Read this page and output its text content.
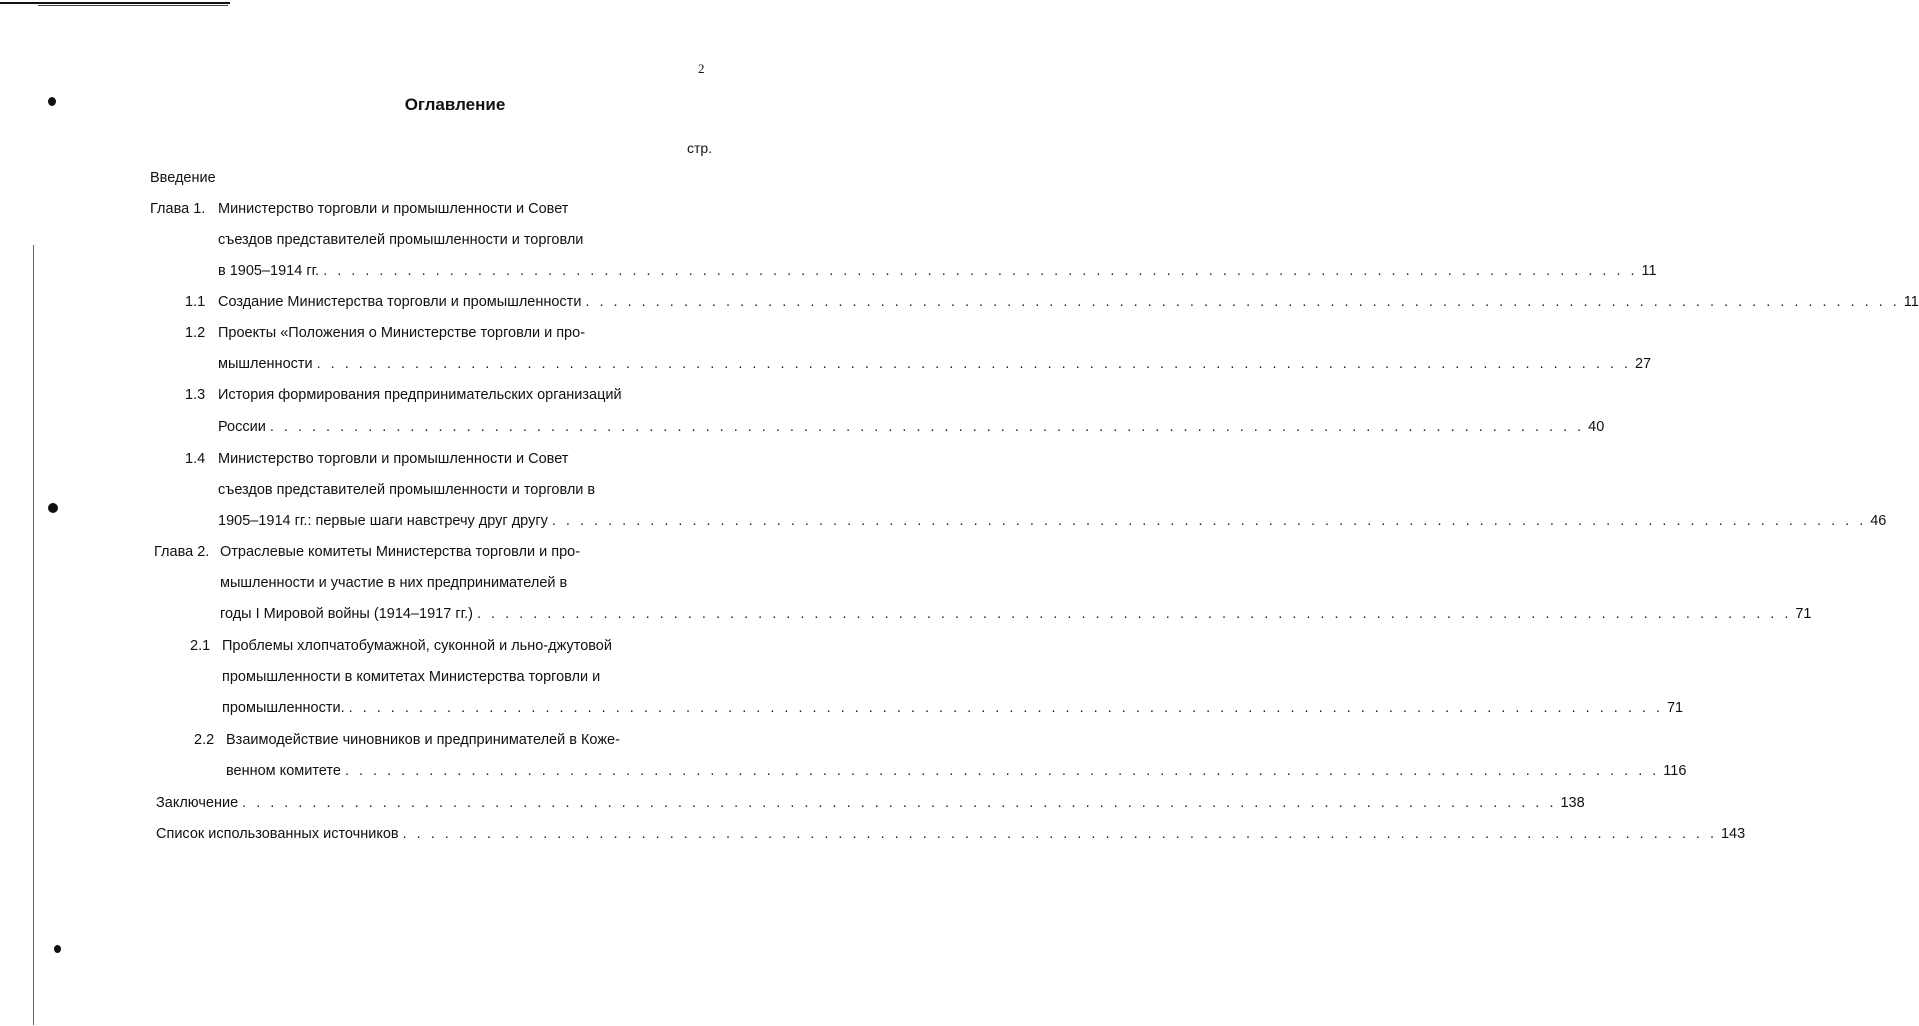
2
Оглавление
стр.
Введение
Глава 1. Министерство торговли и промышленности и Совет
съездов представителей промышленности и торговли
в 1905–1914 гг. . . . . . . . . . . . . . . . . . . . . . . . . . . . . . . . . . . . . . . . . . . . . . . . . . . . . . . . . . . . . . . . . . . . . . . . . . . . . . . . . . . . . . . . . . . . . . . 11
1.1 Создание Министерства торговли и промышленности . . . . . . . . . . . . . . . . . . . . . . . . . . . . . . . . . . . . . . . . . . . . . . . . . . . . . . . . . . . . . . . . . . . . . . . . . . . . . . . . . . . . . . . . . . . . . . 11
1.2 Проекты «Положения о Министерстве торговли и про-
мышленности . . . . . . . . . . . . . . . . . . . . . . . . . . . . . . . . . . . . . . . . . . . . . . . . . . . . . . . . . . . . . . . . . . . . . . . . . . . . . . . . . . . . . . . . . . . . . . 27
1.3 История формирования предпринимательских организаций
России . . . . . . . . . . . . . . . . . . . . . . . . . . . . . . . . . . . . . . . . . . . . . . . . . . . . . . . . . . . . . . . . . . . . . . . . . . . . . . . . . . . . . . . . . . . . . . 40
1.4 Министерство торговли и промышленности и Совет
съездов представителей промышленности и торговли в
1905–1914 гг.: первые шаги навстречу друг другу . . . . . . . . . . . . . . . . . . . . . . . . . . . . . . . . . . . . . . . . . . . . . . . . . . . . . . . . . . . . . . . . . . . . . . . . . . . . . . . . . . . . . . . . . . . . . . 46
Глава 2. Отраслевые комитеты Министерства торговли и про-
мышленности и участие в них предпринимателей в
годы I Мировой войны (1914–1917 гг.) . . . . . . . . . . . . . . . . . . . . . . . . . . . . . . . . . . . . . . . . . . . . . . . . . . . . . . . . . . . . . . . . . . . . . . . . . . . . . . . . . . . . . . . . . . . . . . 71
2.1 Проблемы хлопчатобумажной, суконной и льно-джутовой
промышленности в комитетах Министерства торговли и
промышленности. . . . . . . . . . . . . . . . . . . . . . . . . . . . . . . . . . . . . . . . . . . . . . . . . . . . . . . . . . . . . . . . . . . . . . . . . . . . . . . . . . . . . . . . . . . . . . . 71
2.2 Взаимодействие чиновников и предпринимателей в Коже-
венном комитете . . . . . . . . . . . . . . . . . . . . . . . . . . . . . . . . . . . . . . . . . . . . . . . . . . . . . . . . . . . . . . . . . . . . . . . . . . . . . . . . . . . . . . . . . . . . . . 116
Заключение . . . . . . . . . . . . . . . . . . . . . . . . . . . . . . . . . . . . . . . . . . . . . . . . . . . . . . . . . . . . . . . . . . . . . . . . . . . . . . . . . . . . . . . . . . . . . . 138
Список использованных источников . . . . . . . . . . . . . . . . . . . . . . . . . . . . . . . . . . . . . . . . . . . . . . . . . . . . . . . . . . . . . . . . . . . . . . . . . . . . . . . . . . . . . . . . . . . . . . 143
